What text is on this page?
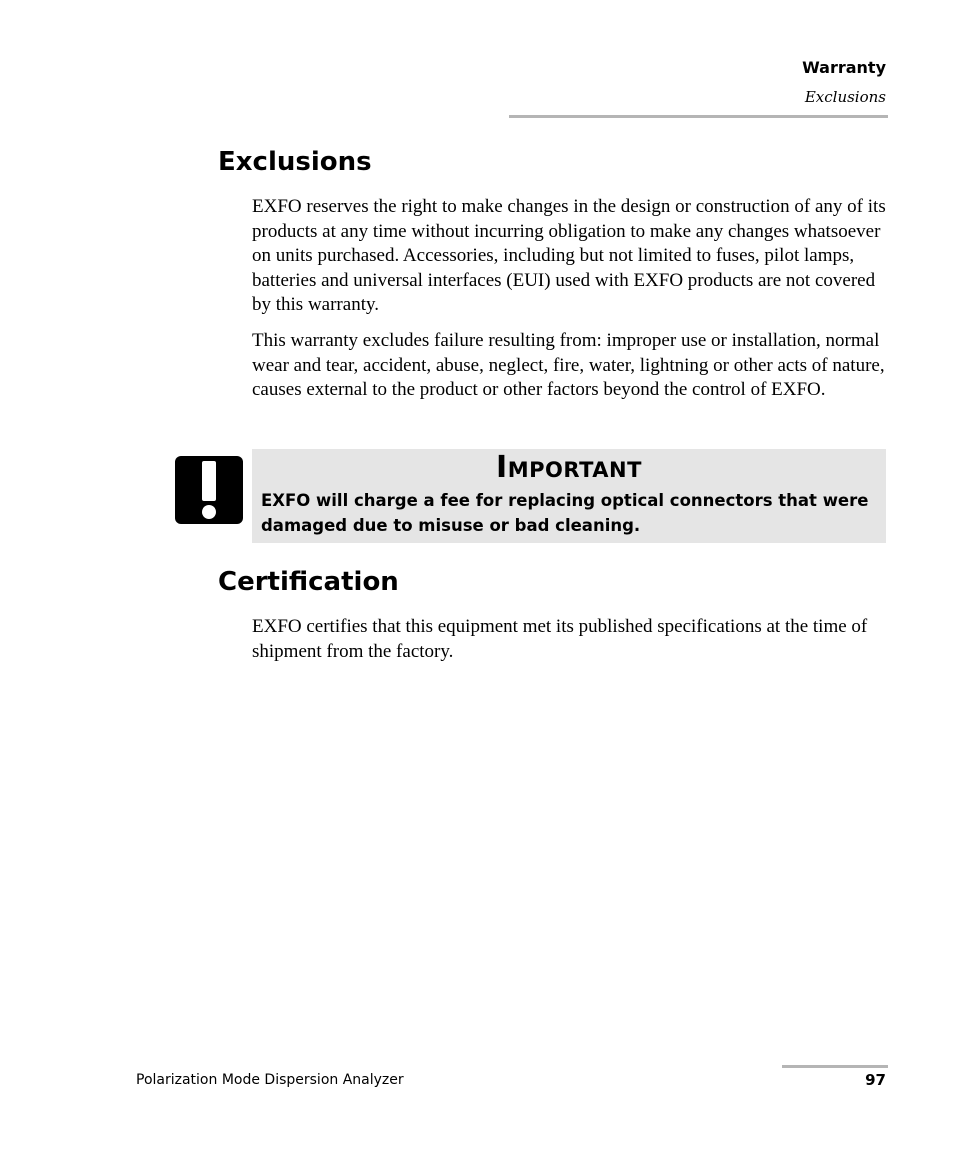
Warranty
Exclusions
Exclusions

EXFO reserves the right to make changes in the design or construction of any of its products at any time without incurring obligation to make any changes whatsoever on units purchased. Accessories, including but not limited to fuses, pilot lamps, batteries and universal interfaces (EUI) used with EXFO products are not covered by this warranty.

This warranty excludes failure resulting from: improper use or installation, normal wear and tear, accident, abuse, neglect, fire, water, lightning or other acts of nature, causes external to the product or other factors beyond the control of EXFO.

Important

EXFO will charge a fee for replacing optical connectors that were damaged due to misuse or bad cleaning.

Certification

EXFO certifies that this equipment met its published specifications at the time of shipment from the factory.

Polarization Mode Dispersion Analyzer	97
